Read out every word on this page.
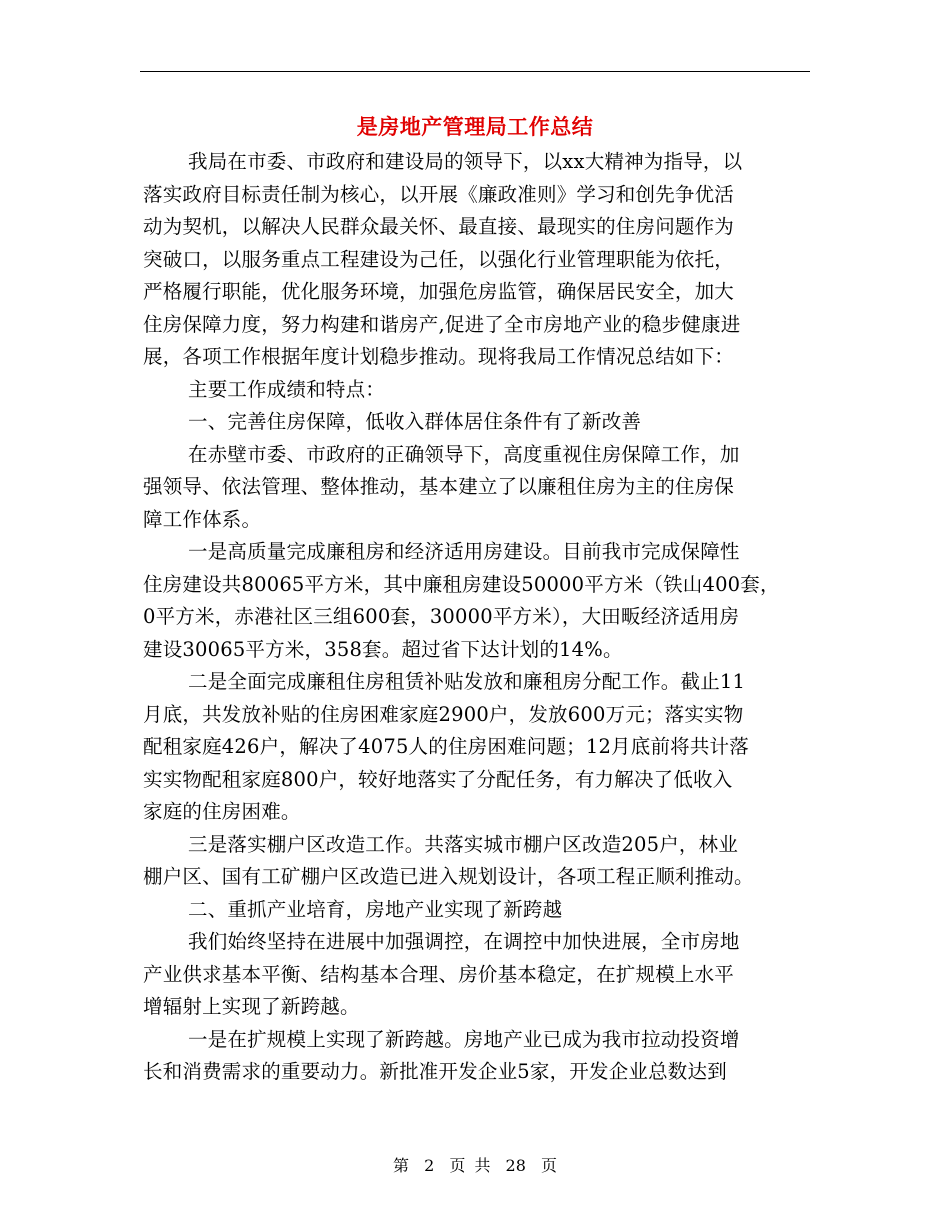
是房地产管理局工作总结
我局在市委、市政府和建设局的领导下，以xx大精神为指导，以
落实政府目标责任制为核心，以开展《廉政准则》学习和创先争优活
动为契机，以解决人民群众最关怀、最直接、最现实的住房问题作为
突破口，以服务重点工程建设为己任，以强化行业管理职能为依托，
严格履行职能，优化服务环境，加强危房监管，确保居民安全，加大
住房保障力度，努力构建和谐房产,促进了全市房地产业的稳步健康进
展，各项工作根据年度计划稳步推动。现将我局工作情况总结如下：
主要工作成绩和特点：
一、完善住房保障，低收入群体居住条件有了新改善
在赤壁市委、市政府的正确领导下，高度重视住房保障工作，加
强领导、依法管理、整体推动，基本建立了以廉租住房为主的住房保
障工作体系。
一是高质量完成廉租房和经济适用房建设。目前我市完成保障性
住房建设共80065平方米，其中廉租房建设50000平方米（铁山400套，
0平方米，赤港社区三组600套，30000平方米），大田畈经济适用房
建设30065平方米，358套。超过省下达计划的14%。
二是全面完成廉租住房租赁补贴发放和廉租房分配工作。截止11
月底，共发放补贴的住房困难家庭2900户，发放600万元；落实实物
配租家庭426户，解决了4075人的住房困难问题；12月底前将共计落
实实物配租家庭800户，较好地落实了分配任务，有力解决了低收入
家庭的住房困难。
三是落实棚户区改造工作。共落实城市棚户区改造205户，林业
棚户区、国有工矿棚户区改造已进入规划设计，各项工程正顺利推动。
二、重抓产业培育，房地产业实现了新跨越
我们始终坚持在进展中加强调控，在调控中加快进展，全市房地
产业供求基本平衡、结构基本合理、房价基本稳定，在扩规模上水平
增辐射上实现了新跨越。
一是在扩规模上实现了新跨越。房地产业已成为我市拉动投资增
长和消费需求的重要动力。新批准开发企业5家，开发企业总数达到
第 2 页 共 28 页
